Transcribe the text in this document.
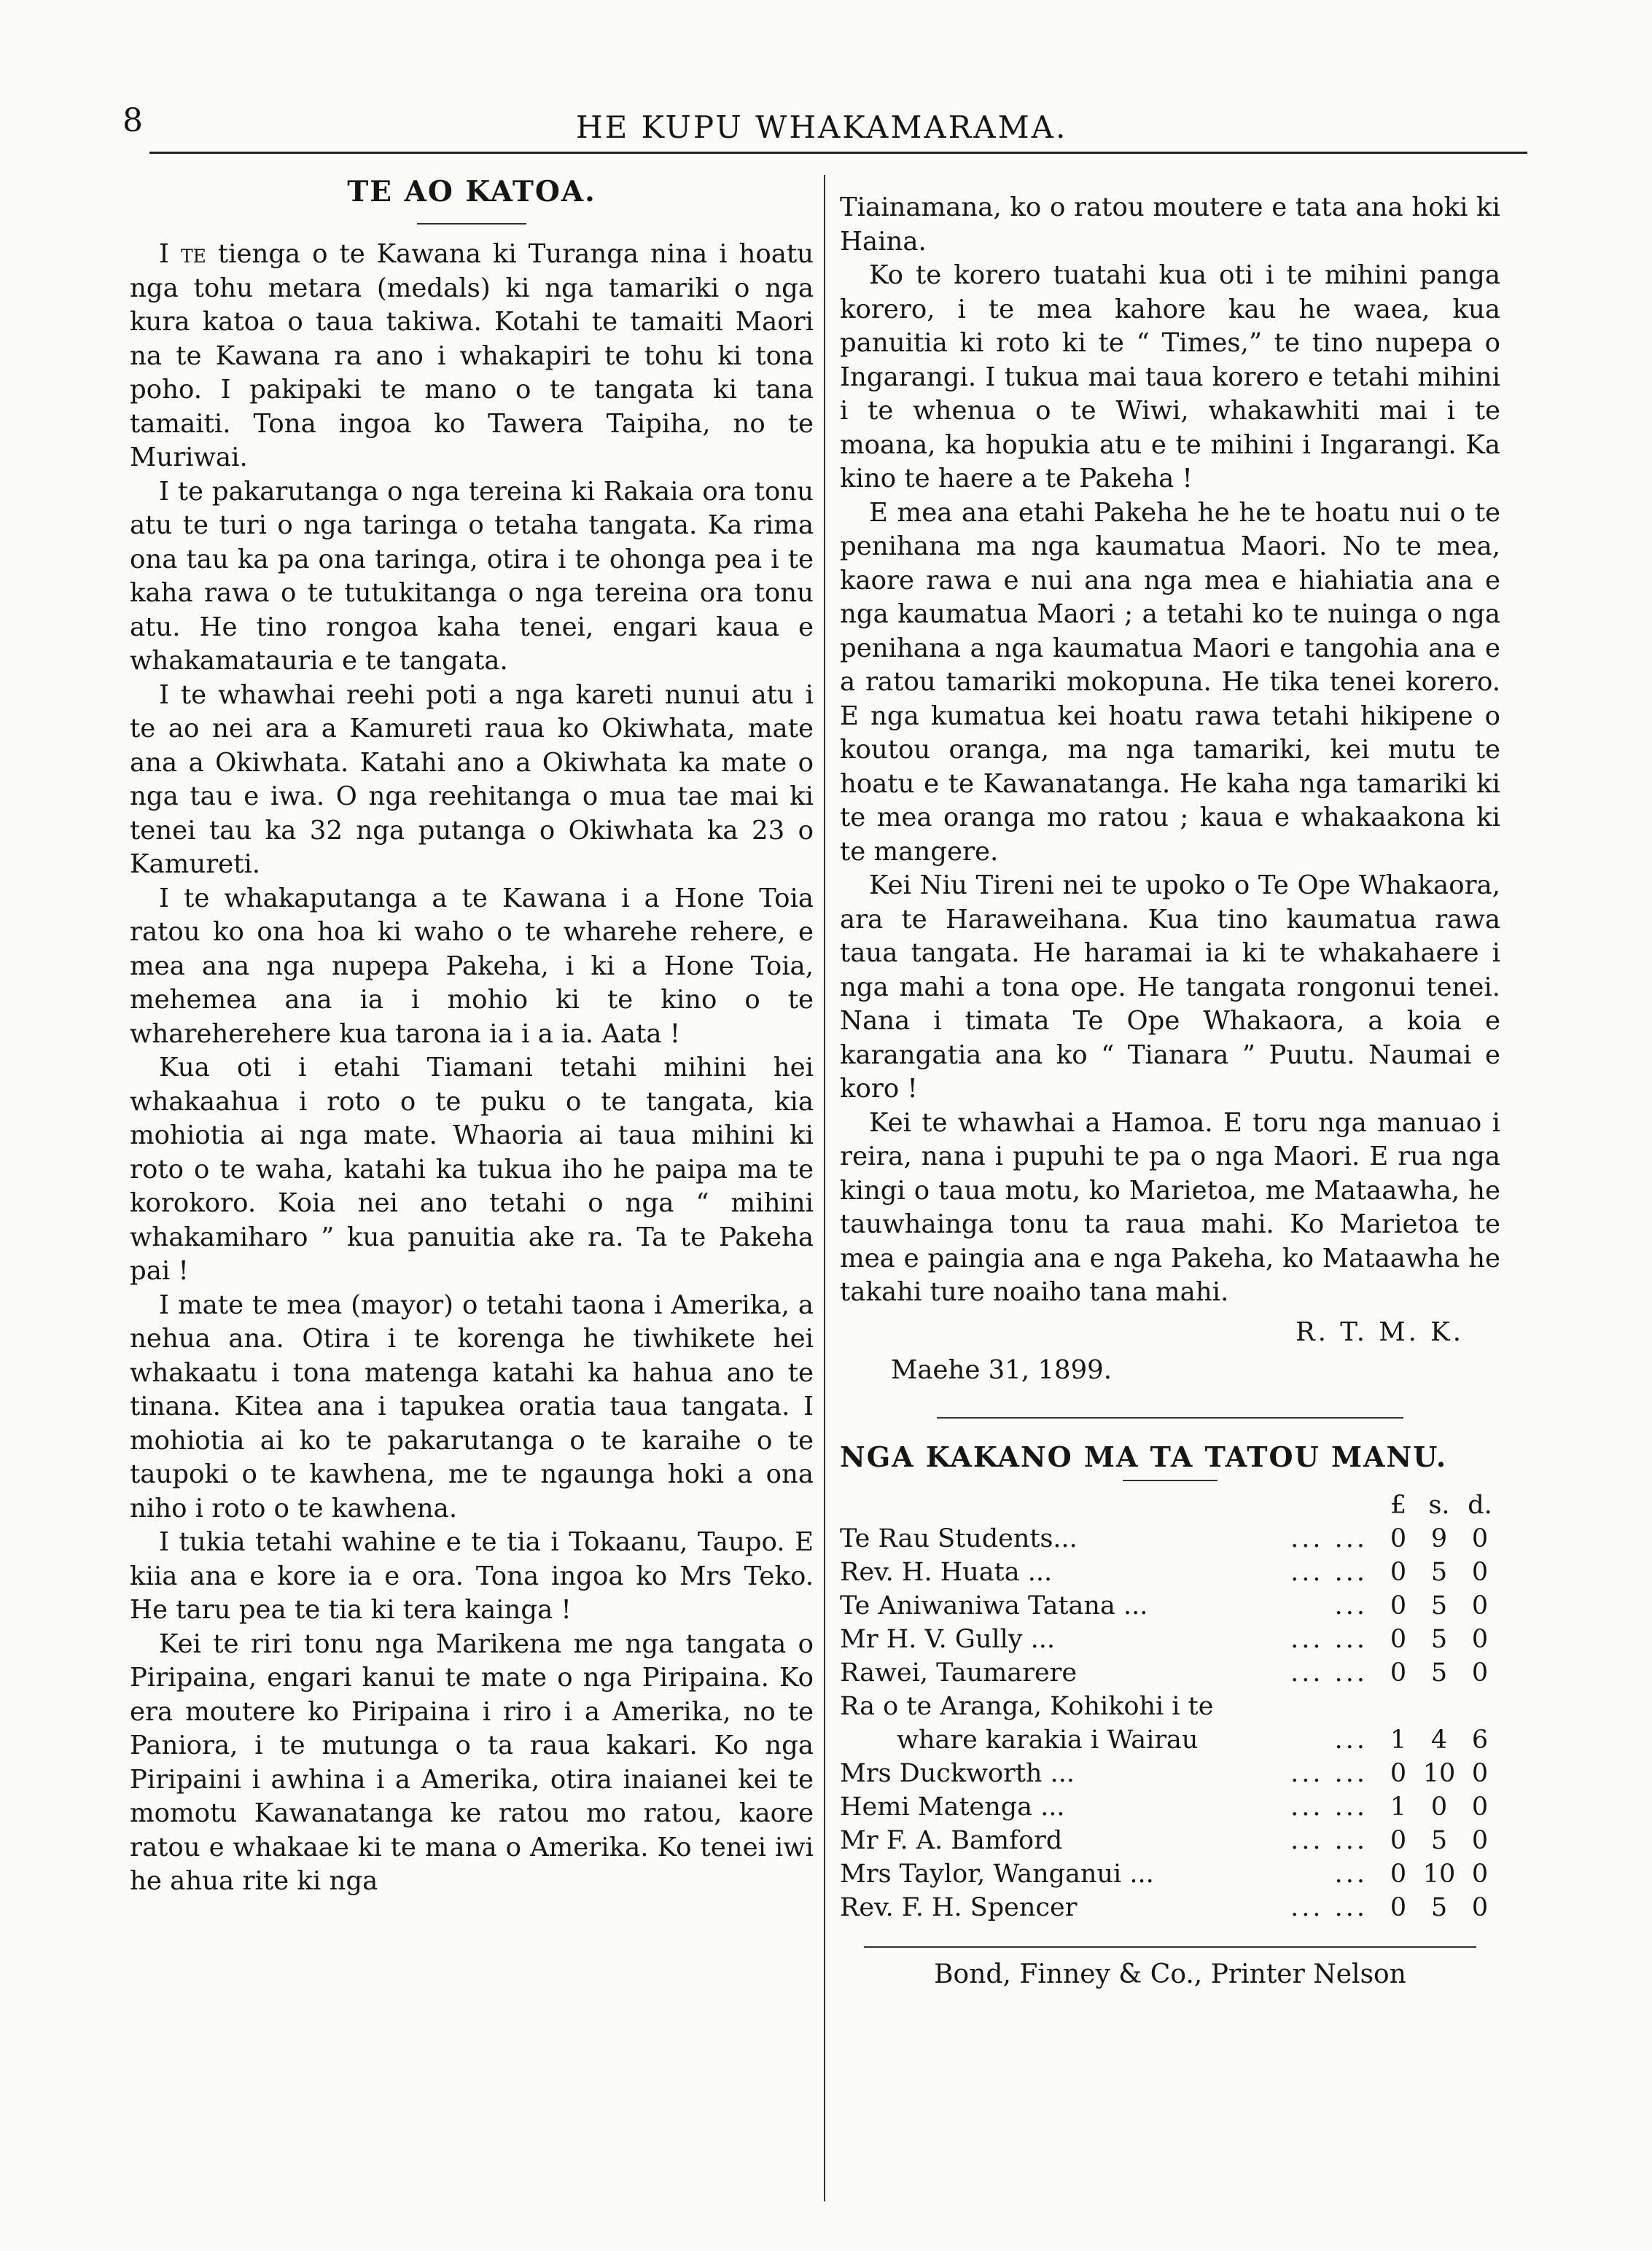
8	HE KUPU WHAKAMARAMA.
TE AO KATOA.

I te tienga o te Kawana ki Turanga nina i hoatu nga tohu metara (medals) ki nga tamariki o nga kura katoa o taua takiwa. Kotahi te tamaiti Maori na te Kawana ra ano i whakapiri te tohu ki tona poho. I pakipaki te mano o te tangata ki tana tamaiti. Tona ingoa ko Tawera Taipiha, no te Muriwai.

I te pakarutanga o nga tereina ki Rakaia ora tonu atu te turi o nga taringa o tetaha tangata. Ka rima ona tau ka pa ona taringa, otira i te ohonga pea i te kaha rawa o te tutukitanga o nga tereina ora tonu atu. He tino rongoa kaha tenei, engari kaua e whakamatauria e te tangata.

I te whawhai reehi poti a nga kareti nunui atu i te ao nei ara a Kamureti raua ko Okiwhata, mate ana a Okiwhata. Katahi ano a Okiwhata ka mate o nga tau e iwa. O nga reehitanga o mua tae mai ki tenei tau ka 32 nga putanga o Okiwhata ka 23 o Kamureti.

I te whakaputanga a te Kawana i a Hone Toia ratou ko ona hoa ki waho o te wharehe rehere, e mea ana nga nupepa Pakeha, i ki a Hone Toia, mehemea ana ia i mohio ki te kino o te whareherehere kua tarona ia i a ia. Aata !

Kua oti i etahi Tiamani tetahi mihini hei whakaahua i roto o te puku o te tangata, kia mohiotia ai nga mate. Whaoria ai taua mihini ki roto o te waha, katahi ka tukua iho he paipa ma te korokoro. Koia nei ano tetahi o nga “ mihini whakamiharo ” kua panuitia ake ra. Ta te Pakeha pai !

I mate te mea (mayor) o tetahi taona i Amerika, a nehua ana. Otira i te korenga he tiwhikete hei whakaatu i tona matenga katahi ka hahua ano te tinana. Kitea ana i tapukea oratia taua tangata. I mohiotia ai ko te pakarutanga o te karaihe o te taupoki o te kawhena, me te ngaunga hoki a ona niho i roto o te kawhena.

I tukia tetahi wahine e te tia i Tokaanu, Taupo. E kiia ana e kore ia e ora. Tona ingoa ko Mrs Teko. He taru pea te tia ki tera kainga !

Kei te riri tonu nga Marikena me nga tangata o Piripaina, engari kanui te mate o nga Piripaina. Ko era moutere ko Piripaina i riro i a Amerika, no te Paniora, i te mutunga o ta raua kakari. Ko nga Piripaini i awhina i a Amerika, otira inaianei kei te momotu Kawanatanga ke ratou mo ratou, kaore ratou e whakaae ki te mana o Amerika. Ko tenei iwi he ahua rite ki nga

Tiainamana, ko o ratou moutere e tata ana hoki ki Haina.

Ko te korero tuatahi kua oti i te mihini panga korero, i te mea kahore kau he waea, kua panuitia ki roto ki te “ Times,” te tino nupepa o Ingarangi. I tukua mai taua korero e tetahi mihini i te whenua o te Wiwi, whakawhiti mai i te moana, ka hopukia atu e te mihini i Ingarangi. Ka kino te haere a te Pakeha !

E mea ana etahi Pakeha he he te hoatu nui o te penihana ma nga kaumatua Maori. No te mea, kaore rawa e nui ana nga mea e hiahiatia ana e nga kaumatua Maori ; a tetahi ko te nuinga o nga penihana a nga kaumatua Maori e tangohia ana e a ratou tamariki mokopuna. He tika tenei korero. E nga kumatua kei hoatu rawa tetahi hikipene o koutou oranga, ma nga tamariki, kei mutu te hoatu e te Kawanatanga. He kaha nga tamariki ki te mea oranga mo ratou ; kaua e whakaakona ki te mangere.

Kei Niu Tireni nei te upoko o Te Ope Whakaora, ara te Haraweihana. Kua tino kaumatua rawa taua tangata. He haramai ia ki te whakahaere i nga mahi a tona ope. He tangata rongonui tenei. Nana i timata Te Ope Whakaora, a koia e karangatia ana ko “ Tianara ” Puutu. Naumai e koro !

Kei te whawhai a Hamoa. E toru nga manuao i reira, nana i pupuhi te pa o nga Maori. E rua nga kingi o taua motu, ko Marietoa, me Mataawha, he tauwhainga tonu ta raua mahi. Ko Marietoa te mea e paingia ana e nga Pakeha, ko Mataawha he takahi ture noaiho tana mahi.

R. T. M. K.
Maehe 31, 1899.
NGA KAKANO MA TA TATOU MANU.
		£	s.	d.
Te Rau Students...	... ...	0	9	0
Rev. H. Huata ...	... ...	0	5	0
Te Aniwaniwa Tatana ...	...	0	5	0
Mr H. V. Gully ...	... ...	0	5	0
Rawei, Taumarere	... ...	0	5	0
Ra o te Aranga, Kohikohi i te				
whare karakia i Wairau	...	1	4	6
Mrs Duckworth ...	... ...	0	10	0
Hemi Matenga ...	... ...	1	0	0
Mr F. A. Bamford	... ...	0	5	0
Mrs Taylor, Wanganui ...	...	0	10	0
Rev. F. H. Spencer	... ...	0	5	0
Bond, Finney & Co., Printer Nelson
